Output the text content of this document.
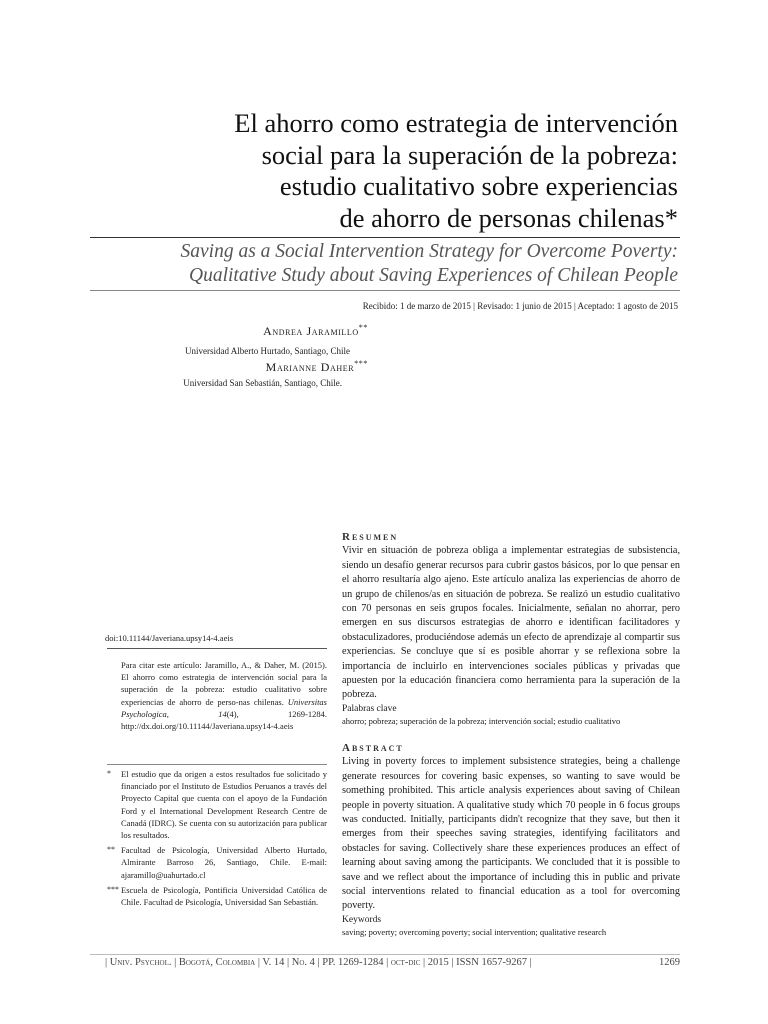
El ahorro como estrategia de intervención
social para la superación de la pobreza:
estudio cualitativo sobre experiencias
de ahorro de personas chilenas*
Saving as a Social Intervention Strategy for Overcome Poverty:
Qualitative Study about Saving Experiences of Chilean People
Recibido: 1 de marzo de 2015 | Revisado: 1 junio de 2015 | Aceptado: 1 agosto de 2015
Andrea Jaramillo**
Universidad Alberto Hurtado, Santiago, Chile
Marianne Daher***
Universidad San Sebastián, Santiago, Chile.
doi:10.11144/Javeriana.upsy14-4.aeis
Para citar este artículo: Jaramillo, A., & Daher, M. (2015). El ahorro como estrategia de intervención social para la superación de la pobreza: estudio cualitativo sobre experiencias de ahorro de perso-nas chilenas. Universitas Psychologica, 14(4), 1269-1284. http://dx.doi.org/10.11144/Javeriana.upsy14-4.aeis
* El estudio que da origen a estos resultados fue solicitado y financiado por el Instituto de Estudios Peruanos a través del Proyecto Capital que cuenta con el apoyo de la Fundación Ford y el International Development Research Centre de Canadá (IDRC). Se cuenta con su autorización para publicar los resultados.
** Facultad de Psicología, Universidad Alberto Hurtado, Almirante Barroso 26, Santiago, Chile. E-mail: ajaramillo@uahurtado.cl
*** Escuela de Psicología, Pontificia Universidad Católica de Chile. Facultad de Psicología, Universidad San Sebastián.
Resumen
Vivir en situación de pobreza obliga a implementar estrategias de subsistencia, siendo un desafío generar recursos para cubrir gastos básicos, por lo que pensar en el ahorro resultaría algo ajeno. Este artículo analiza las experiencias de ahorro de un grupo de chilenos/as en situación de pobreza. Se realizó un estudio cualitativo con 70 personas en seis grupos focales. Inicialmente, señalan no ahorrar, pero emergen en sus discursos estrategias de ahorro e identifican facilitadores y obstaculizadores, produciéndose además un efecto de aprendizaje al compartir sus experiencias. Se concluye que sí es posible ahorrar y se reflexiona sobre la importancia de incluirlo en intervenciones sociales públicas y privadas que apuesten por la educación financiera como herramienta para la superación de la pobreza.
Palabras clave
ahorro; pobreza; superación de la pobreza; intervención social; estudio cualitativo
Abstract
Living in poverty forces to implement subsistence strategies, being a challenge generate resources for covering basic expenses, so wanting to save would be something prohibited. This article analysis experiences about saving of Chilean people in poverty situation. A qualitative study which 70 people in 6 focus groups was conducted. Initially, participants didn't recognize that they save, but then it emerges from their speeches saving strategies, identifying facilitators and obstacles for saving. Collectively share these experiences produces an effect of learning about saving among the participants. We concluded that it is possible to save and we reflect about the importance of including this in public and private social interventions related to financial education as a tool for overcoming poverty.
Keywords
saving; poverty; overcoming poverty; social intervention; qualitative research
| Univ. Psychol. | Bogotá, Colombia | V. 14 | No. 4 | PP. 1269-1284 | oct-dic | 2015 | ISSN 1657-9267 |	1269
